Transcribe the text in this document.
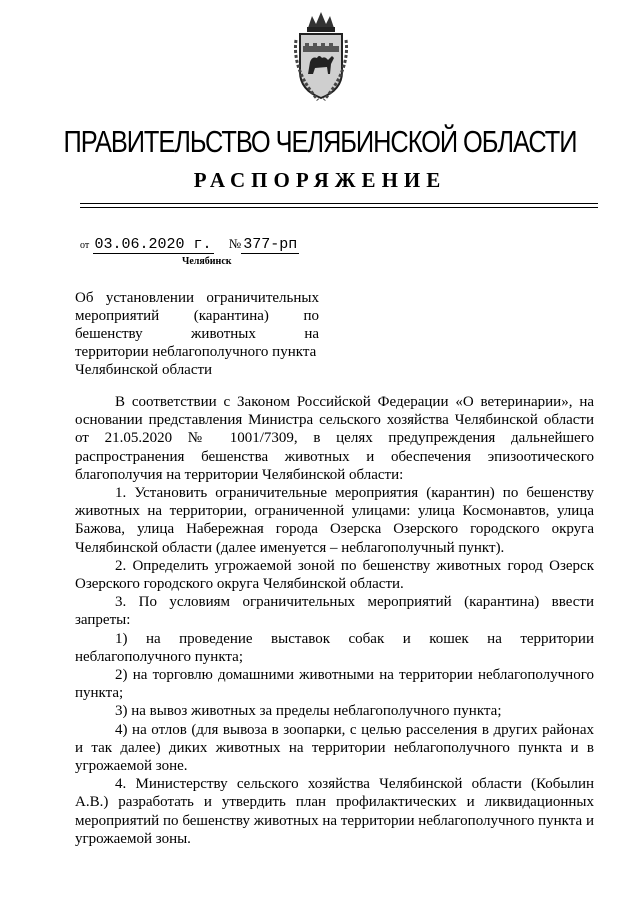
ПРАВИТЕЛЬСТВО ЧЕЛЯБИНСКОЙ ОБЛАСТИ
РАСПОРЯЖЕНИЕ
от 03.06.2020 г. № 377-рп
Челябинск
Об установлении ограничительных
мероприятий (карантина) по
бешенству	животных	на
территории неблагополучного пункта
Челябинской области

В соответствии с Законом Российской Федерации «О ветеринарии», на основании представления Министра сельского хозяйства Челябинской области от 21.05.2020 № 1001/7309, в целях предупреждения дальнейшего распространения бешенства животных и обеспечения эпизоотического благополучия на территории Челябинской области:

1. Установить ограничительные мероприятия (карантин) по бешенству животных на территории, ограниченной улицами: улица Космонавтов, улица Бажова, улица Набережная города Озерска Озерского городского округа Челябинской области (далее именуется – неблагополучный пункт).

2. Определить угрожаемой зоной по бешенству животных город Озерск Озерского городского округа Челябинской области.

3. По условиям ограничительных мероприятий (карантина) ввести запреты:

1) на проведение выставок собак и кошек на территории неблагополучного пункта;

2) на торговлю домашними животными на территории неблагополучного пункта;

3) на вывоз животных за пределы неблагополучного пункта;

4) на отлов (для вывоза в зоопарки, с целью расселения в других районах и так далее) диких животных на территории неблагополучного пункта и в угрожаемой зоне.

4. Министерству сельского хозяйства Челябинской области (Кобылин А.В.) разработать и утвердить план профилактических и ликвидационных мероприятий по бешенству животных на территории неблагополучного пункта и угрожаемой зоны.
